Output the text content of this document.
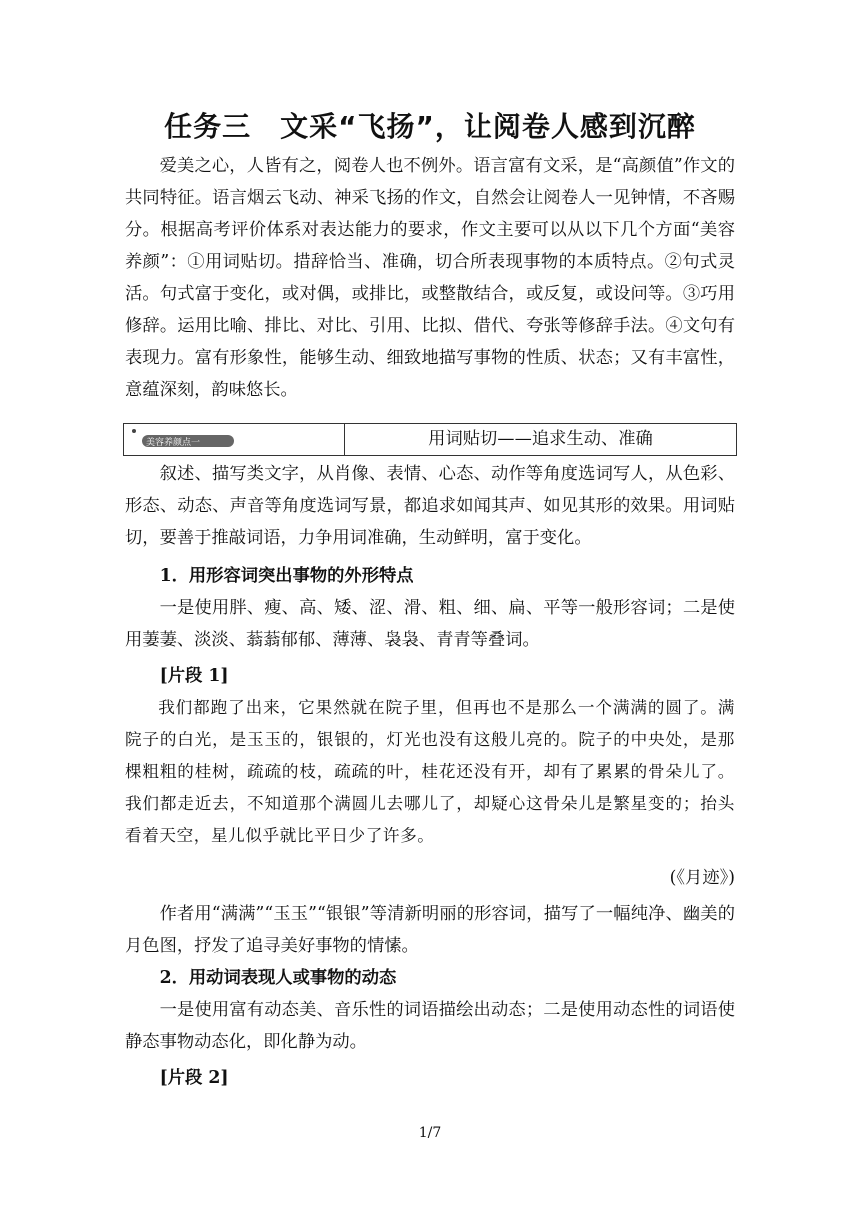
任务三　文采“飞扬”，让阅卷人感到沉醉

爱美之心，人皆有之，阅卷人也不例外。语言富有文采，是“高颜值”作文的共同特征。语言烟云飞动、神采飞扬的作文，自然会让阅卷人一见钟情，不吝赐分。根据高考评价体系对表达能力的要求，作文主要可以从以下几个方面“美容养颜”：①用词贴切。措辞恰当、准确，切合所表现事物的本质特点。②句式灵活。句式富于变化，或对偶，或排比，或整散结合，或反复，或设问等。③巧用修辞。运用比喻、排比、对比、引用、比拟、借代、夸张等修辞手法。④文句有表现力。富有形象性，能够生动、细致地描写事物的性质、状态；又有丰富性，意蕴深刻，韵味悠长。

美容养颜点一	用词贴切——追求生动、准确

叙述、描写类文字，从肖像、表情、心态、动作等角度选词写人，从色彩、形态、动态、声音等角度选词写景，都追求如闻其声、如见其形的效果。用词贴切，要善于推敲词语，力争用词准确，生动鲜明，富于变化。

1．用形容词突出事物的外形特点

一是使用胖、瘦、高、矮、涩、滑、粗、细、扁、平等一般形容词；二是使用萋萋、淡淡、蓊蓊郁郁、薄薄、袅袅、青青等叠词。

[片段 1]

我们都跑了出来，它果然就在院子里，但再也不是那么一个满满的圆了。满院子的白光，是玉玉的，银银的，灯光也没有这般儿亮的。院子的中央处，是那棵粗粗的桂树，疏疏的枝，疏疏的叶，桂花还没有开，却有了累累的骨朵儿了。我们都走近去，不知道那个满圆儿去哪儿了，却疑心这骨朵儿是繁星变的；抬头看着天空，星儿似乎就比平日少了许多。

(《月迹》)

作者用“满满”“玉玉”“银银”等清新明丽的形容词，描写了一幅纯净、幽美的月色图，抒发了追寻美好事物的情愫。

2．用动词表现人或事物的动态

一是使用富有动态美、音乐性的词语描绘出动态；二是使用动态性的词语使静态事物动态化，即化静为动。

[片段 2]

1/7
